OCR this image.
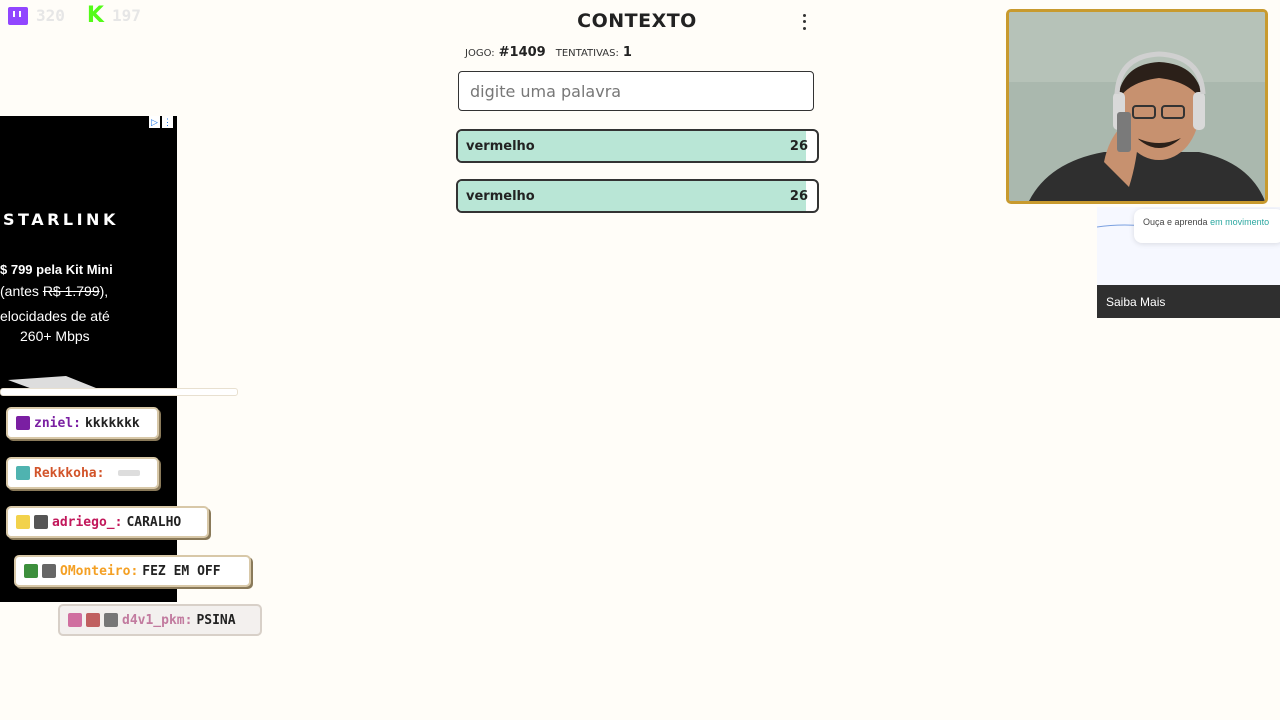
320 K 197	CONTEXTO
JOGO: #1409 TENTATIVAS: 1
digite uma palavra
vermelho	26
vermelho	26
▷ ⋮
STARLINK
$ 799 pela Kit Mini
(antes R$ 1.799),
elocidades de até
260+ Mbps
zniel: kkkkkkk
Rekkkoha:
adriego_: CARALHO
OMonteiro: FEZ EM OFF
d4v1_pkm: PSINA
Ouça e aprenda em movimento
Saiba Mais
